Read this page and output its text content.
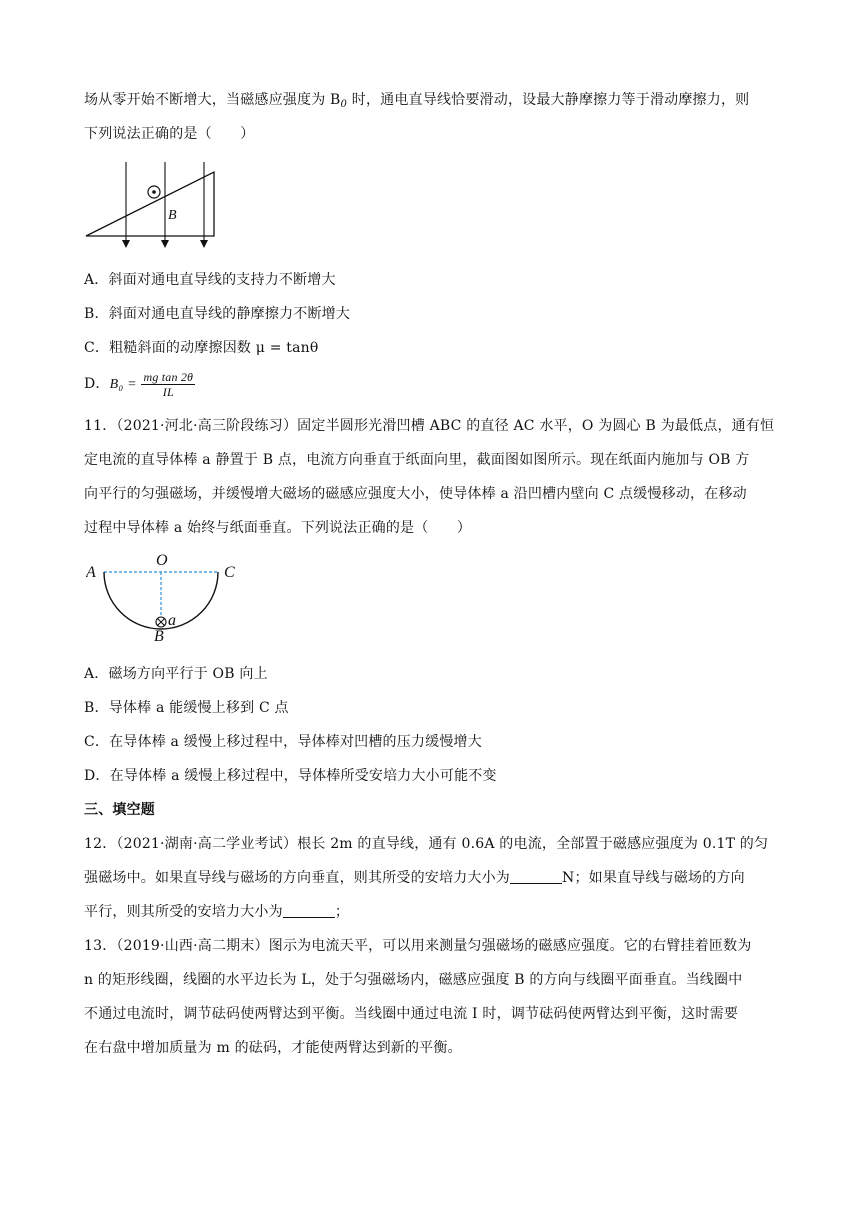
场从零开始不断增大，当磁感应强度为 $B_0$ 时，通电直导线恰要滑动，设最大静摩擦力等于滑动摩擦力，则
下列说法正确的是（　　）
B
A．斜面对通电直导线的支持力不断增大
B．斜面对通电直导线的静摩擦力不断增大
C．粗糙斜面的动摩擦因数 μ = tanθ
D．$B_0 = \frac{\text{mg tan 2θ}}{IL}$
11．（2021·河北·高三阶段练习）固定半圆形光滑凹槽 ABC 的直径 AC 水平，O 为圆心 B 为最低点，通有恒
定电流的直导体棒 a 静置于 B 点，电流方向垂直于纸面向里，截面图如图所示。现在纸面内施加与 OB 方
向平行的匀强磁场，并缓慢增大磁场的磁感应强度大小，使导体棒 a 沿凹槽内壁向 C 点缓慢移动，在移动
过程中导体棒 a 始终与纸面垂直。下列说法正确的是（　　）
A
O
C
a
B
A．磁场方向平行于 OB 向上
B．导体棒 a 能缓慢上移到 C 点
C．在导体棒 a 缓慢上移过程中，导体棒对凹槽的压力缓慢增大
D．在导体棒 a 缓慢上移过程中，导体棒所受安培力大小可能不变
三、填空题
12．（2021·湖南·高二学业考试）根长 2m 的直导线，通有 0.6A 的电流，全部置于磁感应强度为 0.1T 的匀
强磁场中。如果直导线与磁场的方向垂直，则其所受的安培力大小为	N；如果直导线与磁场的方向
平行，则其所受的安培力大小为	；
13．（2019·山西·高二期末）图示为电流天平，可以用来测量匀强磁场的磁感应强度。它的右臂挂着匝数为
n 的矩形线圈，线圈的水平边长为 L，处于匀强磁场内，磁感应强度 B 的方向与线圈平面垂直。当线圈中
不通过电流时，调节砝码使两臂达到平衡。当线圈中通过电流 I 时，调节砝码使两臂达到平衡，这时需要
在右盘中增加质量为 m 的砝码，才能使两臂达到新的平衡。
